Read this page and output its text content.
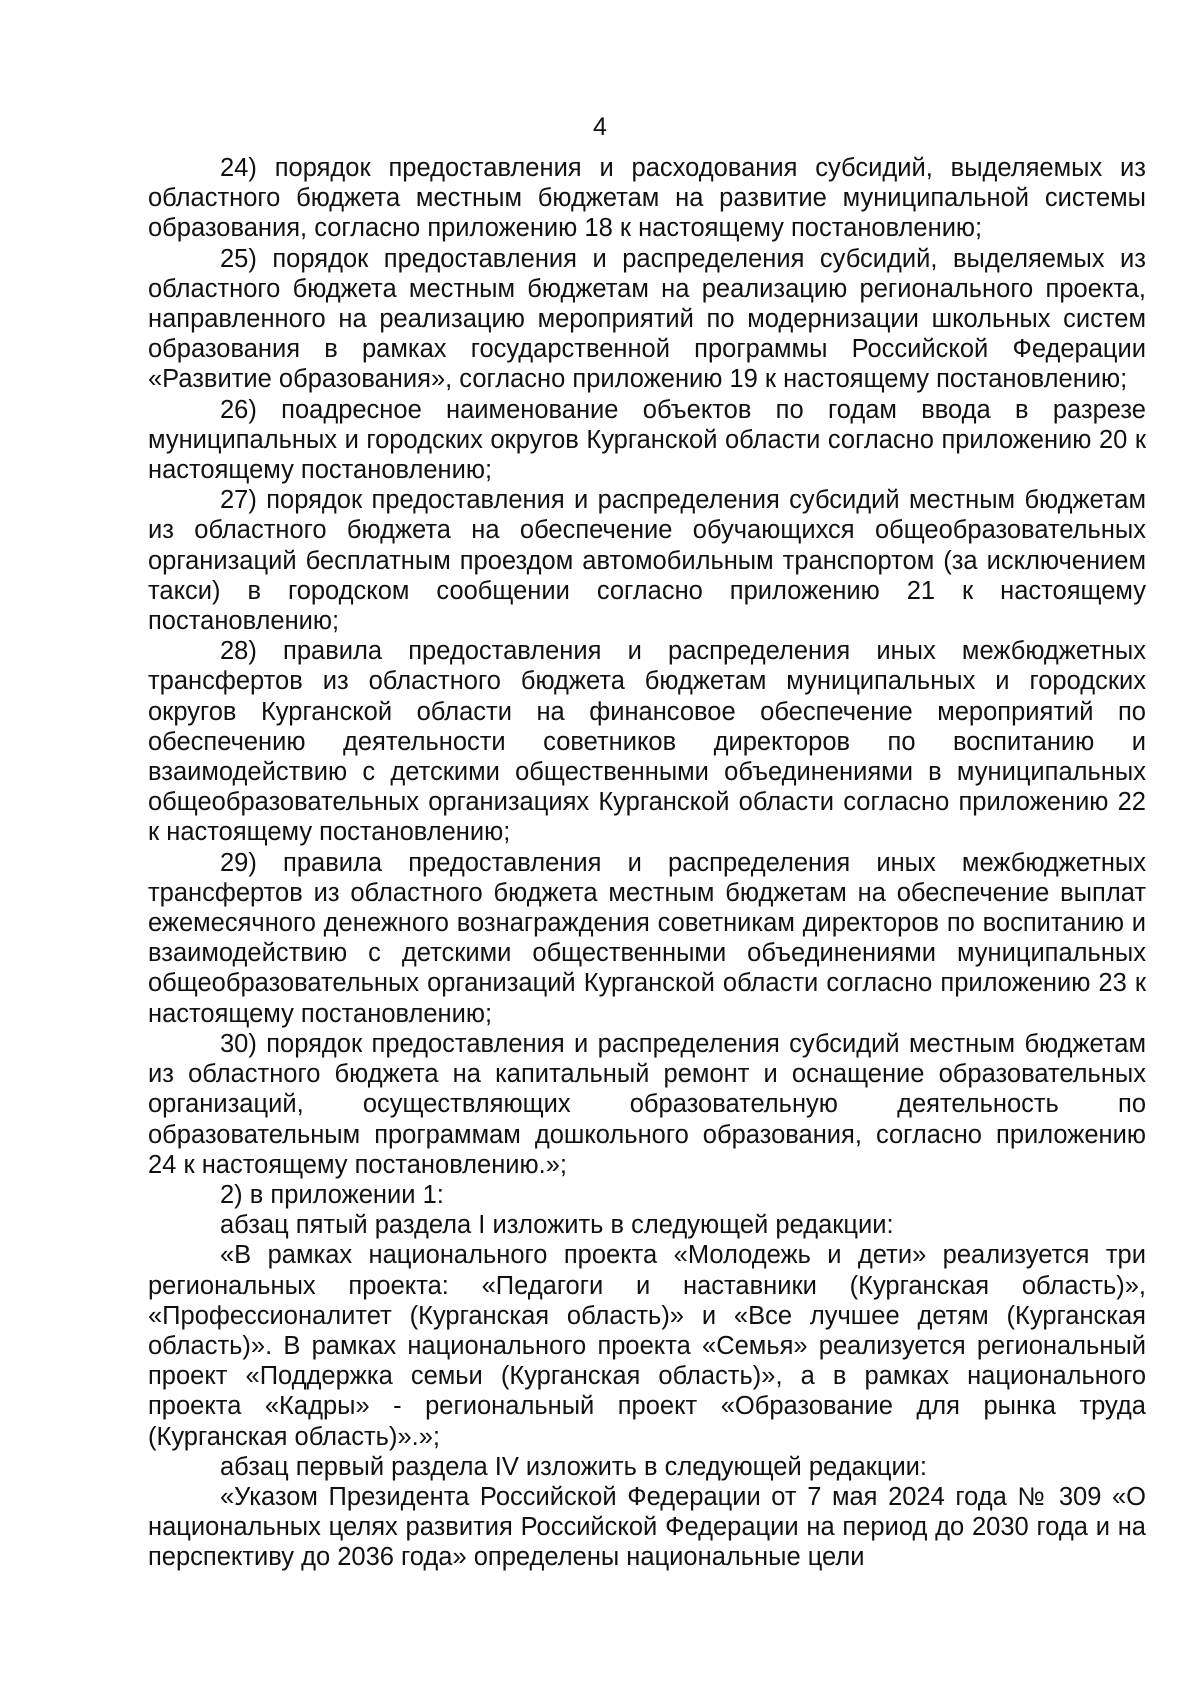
4

24) порядок предоставления и расходования субсидий, выделяемых из областного бюджета местным бюджетам на развитие муниципальной системы образования, согласно приложению 18 к настоящему постановлению;

25) порядок предоставления и распределения субсидий, выделяемых из областного бюджета местным бюджетам на реализацию регионального проекта, направленного на реализацию мероприятий по модернизации школьных систем образования в рамках государственной программы Российской Федерации «Развитие образования», согласно приложению 19 к настоящему постановлению;

26) поадресное наименование объектов по годам ввода в разрезе муниципальных и городских округов Курганской области согласно приложению 20 к настоящему постановлению;

27) порядок предоставления и распределения субсидий местным бюджетам из областного бюджета на обеспечение обучающихся общеобразовательных организаций бесплатным проездом автомобильным транспортом (за исключением такси) в городском сообщении согласно приложению 21 к настоящему постановлению;

28) правила предоставления и распределения иных межбюджетных трансфертов из областного бюджета бюджетам муниципальных и городских округов Курганской области на финансовое обеспечение мероприятий по обеспечению деятельности советников директоров по воспитанию и взаимодействию с детскими общественными объединениями в муниципальных общеобразовательных организациях Курганской области согласно приложению 22 к настоящему постановлению;

29) правила предоставления и распределения иных межбюджетных трансфертов из областного бюджета местным бюджетам на обеспечение выплат ежемесячного денежного вознаграждения советникам директоров по воспитанию и взаимодействию с детскими общественными объединениями муниципальных общеобразовательных организаций Курганской области согласно приложению 23 к настоящему постановлению;

30) порядок предоставления и распределения субсидий местным бюджетам из областного бюджета на капитальный ремонт и оснащение образовательных организаций, осуществляющих образовательную деятельность по образовательным программам дошкольного образования, согласно приложению 24 к настоящему постановлению.»;

2) в приложении 1:

абзац пятый раздела I изложить в следующей редакции:

«В рамках национального проекта «Молодежь и дети» реализуется три региональных проекта: «Педагоги и наставники (Курганская область)», «Профессионалитет (Курганская область)» и «Все лучшее детям (Курганская область)». В рамках национального проекта «Семья» реализуется региональный проект «Поддержка семьи (Курганская область)», а в рамках национального проекта «Кадры» - региональный проект «Образование для рынка труда (Курганская область)».»;

абзац первый раздела IV изложить в следующей редакции:

«Указом Президента Российской Федерации от 7 мая 2024 года № 309 «О национальных целях развития Российской Федерации на период до 2030 года и на перспективу до 2036 года» определены национальные цели
